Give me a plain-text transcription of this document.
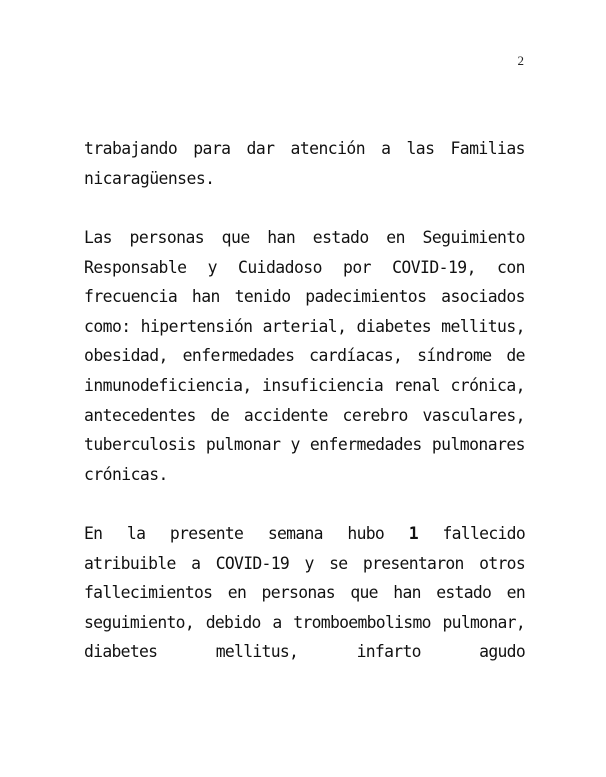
2

trabajando para dar atención a las Familias nicaragüenses.

Las personas que han estado en Seguimiento Responsable y Cuidadoso por COVID-19, con frecuencia han tenido padecimientos asociados como: hipertensión arterial, diabetes mellitus, obesidad, enfermedades cardíacas, síndrome de inmunodeficiencia, insuficiencia renal crónica, antecedentes de accidente cerebro vasculares, tuberculosis pulmonar y enfermedades pulmonares crónicas.

En la presente semana hubo 1 fallecido atribuible a COVID-19 y se presentaron otros fallecimientos en personas que han estado en seguimiento, debido a tromboembolismo pulmonar, diabetes mellitus, infarto agudo
